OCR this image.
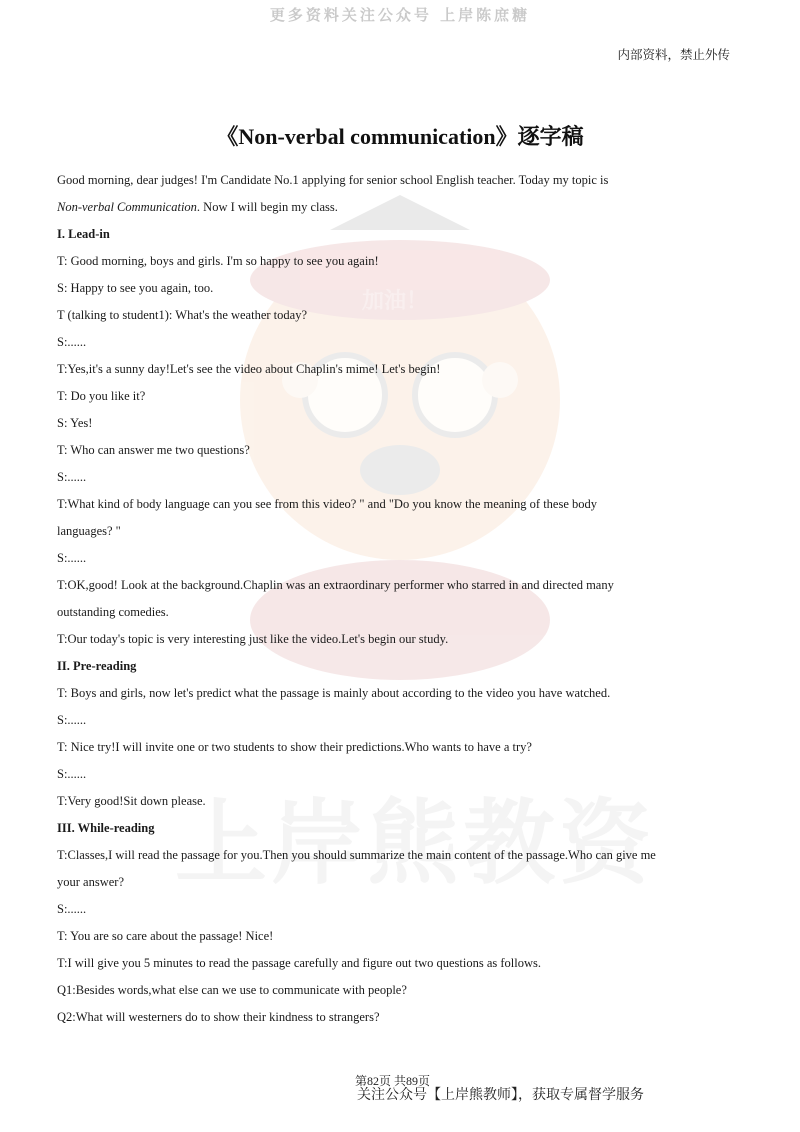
更多资料关注公众号 上岸陈庶糖
加油！
内部资料，禁止外传
《Non-verbal communication》逐字稿
Good morning, dear judges! I'm Candidate No.1 applying for senior school English teacher. Today my topic is
Non-verbal Communication. Now I will begin my class.
I. Lead-in
T: Good morning, boys and girls. I'm so happy to see you again!
S: Happy to see you again, too.
T (talking to student1): What's the weather today?
S:......
T:Yes,it's a sunny day!Let's see the video about Chaplin's mime! Let's begin!
T: Do you like it?
S: Yes!
T: Who can answer me two questions?
S:......
T:What kind of body language can you see from this video? " and "Do you know the meaning of these body
languages? "
S:......
T:OK,good! Look at the background.Chaplin was an extraordinary performer who starred in and directed many
outstanding comedies.
T:Our today's topic is very interesting just like the video.Let's begin our study.
II. Pre-reading
T: Boys and girls, now let's predict what the passage is mainly about according to the video you have watched.
S:......
T: Nice try!I will invite one or two students to show their predictions.Who wants to have a try?
S:......
T:Very good!Sit down please.
III. While-reading
T:Classes,I will read the passage for you.Then you should summarize the main content of the passage.Who can give me
your answer?
S:......
T: You are so care about the passage! Nice!
T:I will give you 5 minutes to read the passage carefully and figure out two questions as follows.
Q1:Besides words,what else can we use to communicate with people?
Q2:What will westerners do to show their kindness to strangers?
第82页 共89页
关注公众号【上岸熊教师】，获取专属督学服务
